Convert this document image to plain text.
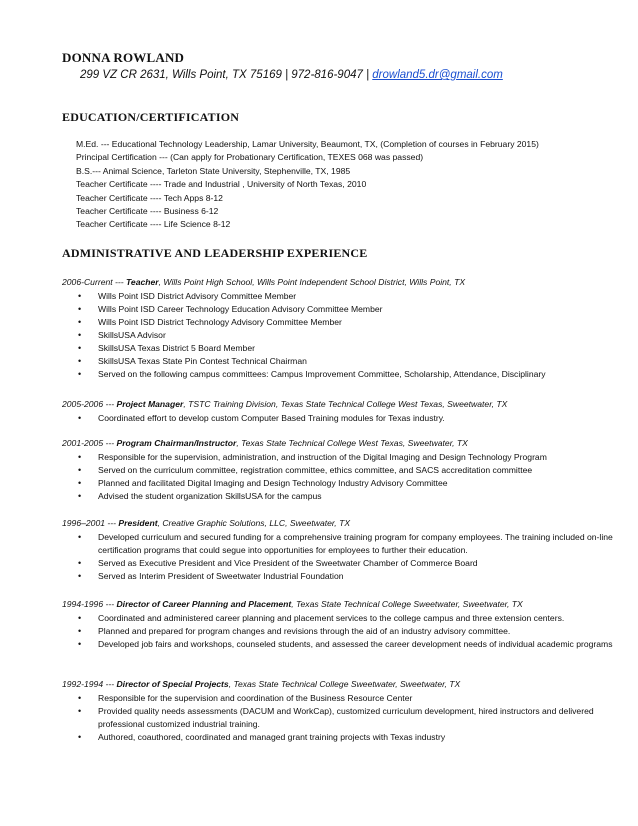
DONNA ROWLAND
299 VZ CR 2631, Wills Point, TX 75169 | 972-816-9047 | drowland5.dr@gmail.com
EDUCATION/CERTIFICATION
M.Ed. --- Educational Technology Leadership, Lamar University, Beaumont, TX, (Completion of courses in February 2015)
Principal Certification --- (Can apply for Probationary Certification, TEXES 068 was passed)
B.S.--- Animal Science, Tarleton State University, Stephenville, TX, 1985
Teacher Certificate ---- Trade and Industrial , University of North Texas, 2010
Teacher Certificate ---- Tech Apps 8-12
Teacher Certificate ---- Business 6-12
Teacher Certificate ---- Life Science 8-12
ADMINISTRATIVE AND LEADERSHIP EXPERIENCE
2006-Current --- Teacher, Wills Point High School, Wills Point Independent School District, Wills Point, TX
• Wills Point ISD District Advisory Committee Member
• Wills Point ISD Career Technology Education Advisory Committee Member
• Wills Point ISD District Technology Advisory Committee Member
• SkillsUSA Advisor
• SkillsUSA Texas District 5 Board Member
• SkillsUSA Texas State Pin Contest Technical Chairman
• Served on the following campus committees: Campus Improvement Committee, Scholarship, Attendance, Disciplinary
2005-2006 --- Project Manager, TSTC Training Division, Texas State Technical College West Texas, Sweetwater, TX
• Coordinated effort to develop custom Computer Based Training modules for Texas industry.
2001-2005 --- Program Chairman/Instructor, Texas State Technical College West Texas, Sweetwater, TX
• Responsible for the supervision, administration, and instruction of the Digital Imaging and Design Technology Program
• Served on the curriculum committee, registration committee, ethics committee, and SACS accreditation committee
• Planned and facilitated Digital Imaging and Design Technology Industry Advisory Committee
• Advised the student organization SkillsUSA for the campus
1996–2001 --- President, Creative Graphic Solutions, LLC, Sweetwater, TX
• Developed curriculum and secured funding for a comprehensive training program for company employees. The training included on-line certification programs that could segue into opportunities for employees to further their education.
• Served as Executive President and Vice President of the Sweetwater Chamber of Commerce Board
• Served as Interim President of Sweetwater Industrial Foundation
1994-1996 --- Director of Career Planning and Placement, Texas State Technical College Sweetwater, Sweetwater, TX
• Coordinated and administered career planning and placement services to the college campus and three extension centers.
• Planned and prepared for program changes and revisions through the aid of an industry advisory committee.
• Developed job fairs and workshops, counseled students, and assessed the career development needs of individual academic programs
1992-1994 --- Director of Special Projects, Texas State Technical College Sweetwater, Sweetwater, TX
• Responsible for the supervision and coordination of the Business Resource Center
• Provided quality needs assessments (DACUM and WorkCap), customized curriculum development, hired instructors and delivered professional customized industrial training.
• Authored, coauthored, coordinated and managed grant training projects with Texas industry
